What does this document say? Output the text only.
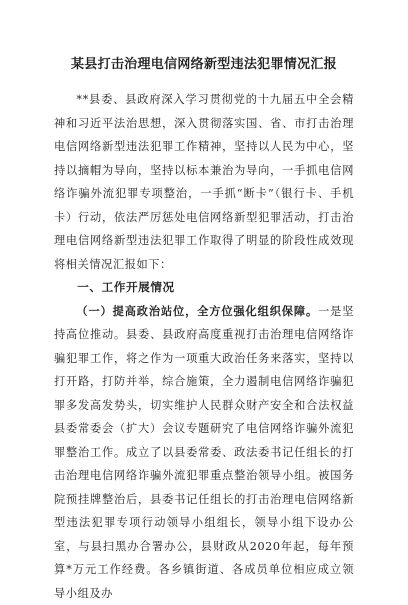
某县打击治理电信网络新型违法犯罪情况汇报

**县委、县政府深入学习贯彻党的十九届五中全会精神和习近平法治思想，深入贯彻落实国、省、市打击治理电信网络新型违法犯罪工作精神，坚持以人民为中心，坚持以摘帽为导向，坚持以标本兼治为导向，一手抓电信网络诈骗外流犯罪专项整治，一手抓“断卡”（银行卡、手机卡）行动，依法严厉惩处电信网络新型犯罪活动，打击治理电信网络新型违法犯罪工作取得了明显的阶段性成效现将相关情况汇报如下：

一、工作开展情况

（一）提高政治站位，全方位强化组织保障。一是坚持高位推动。县委、县政府高度重视打击治理电信网络诈骗犯罪工作，将之作为一项重大政治任务来落实，坚持以打开路，打防并举，综合施策，全力遏制电信网络诈骗犯罪多发高发势头，切实维护人民群众财产安全和合法权益县委常委会（扩大）会议专题研究了电信网络诈骗外流犯罪整治工作。成立了以县委常委、政法委书记任组长的打击治理电信网络诈骗外流犯罪重点整治领导小组。被国务院预挂牌整治后，县委书记任组长的打击治理电信网络新型违法犯罪专项行动领导小组组长，领导小组下设办公室，与县扫黑办合署办公，县财政从2020年起，每年预算*万元工作经费。各乡镇街道、各成员单位相应成立领导小组及办
